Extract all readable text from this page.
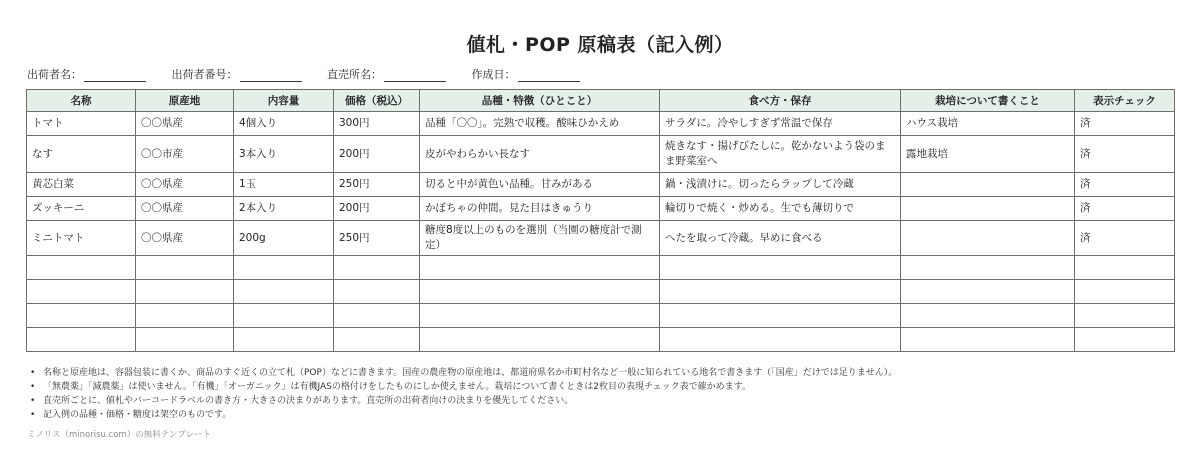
値札・POP 原稿表（記入例）
出荷者名：	出荷者番号：	直売所名：	作成日：
名称	原産地	内容量	価格（税込）	品種・特徴（ひとこと）	食べ方・保存	栽培について書くこと	表示チェック
トマト	〇〇県産	4個入り	300円	品種「〇〇」。完熟で収穫。酸味ひかえめ	サラダに。冷やしすぎず常温で保存	ハウス栽培	済
なす	〇〇市産	3本入り	200円	皮がやわらかい長なす	焼きなす・揚げびたしに。乾かないよう袋のまま野菜室へ	露地栽培	済
黄芯白菜	〇〇県産	1玉	250円	切ると中が黄色い品種。甘みがある	鍋・浅漬けに。切ったらラップして冷蔵		済
ズッキーニ	〇〇県産	2本入り	200円	かぼちゃの仲間。見た目はきゅうり	輪切りで焼く・炒める。生でも薄切りで		済
ミニトマト	〇〇県産	200g	250円	糖度8度以上のものを選別（当園の糖度計で測定）	へたを取って冷蔵。早めに食べる		済

• 名称と原産地は、容器包装に書くか、商品のすぐ近くの立て札（POP）などに書きます。国産の農産物の原産地は、都道府県名か市町村名など一般に知られている地名で書きます（「国産」だけでは足りません）。
• 「無農薬」「減農薬」は使いません。「有機」「オーガニック」は有機JASの格付けをしたものにしか使えません。栽培について書くときは2枚目の表現チェック表で確かめます。
• 直売所ごとに、値札やバーコードラベルの書き方・大きさの決まりがあります。直売所の出荷者向けの決まりを優先してください。
• 記入例の品種・価格・糖度は架空のものです。
ミノリス（minorisu.com）の無料テンプレート
